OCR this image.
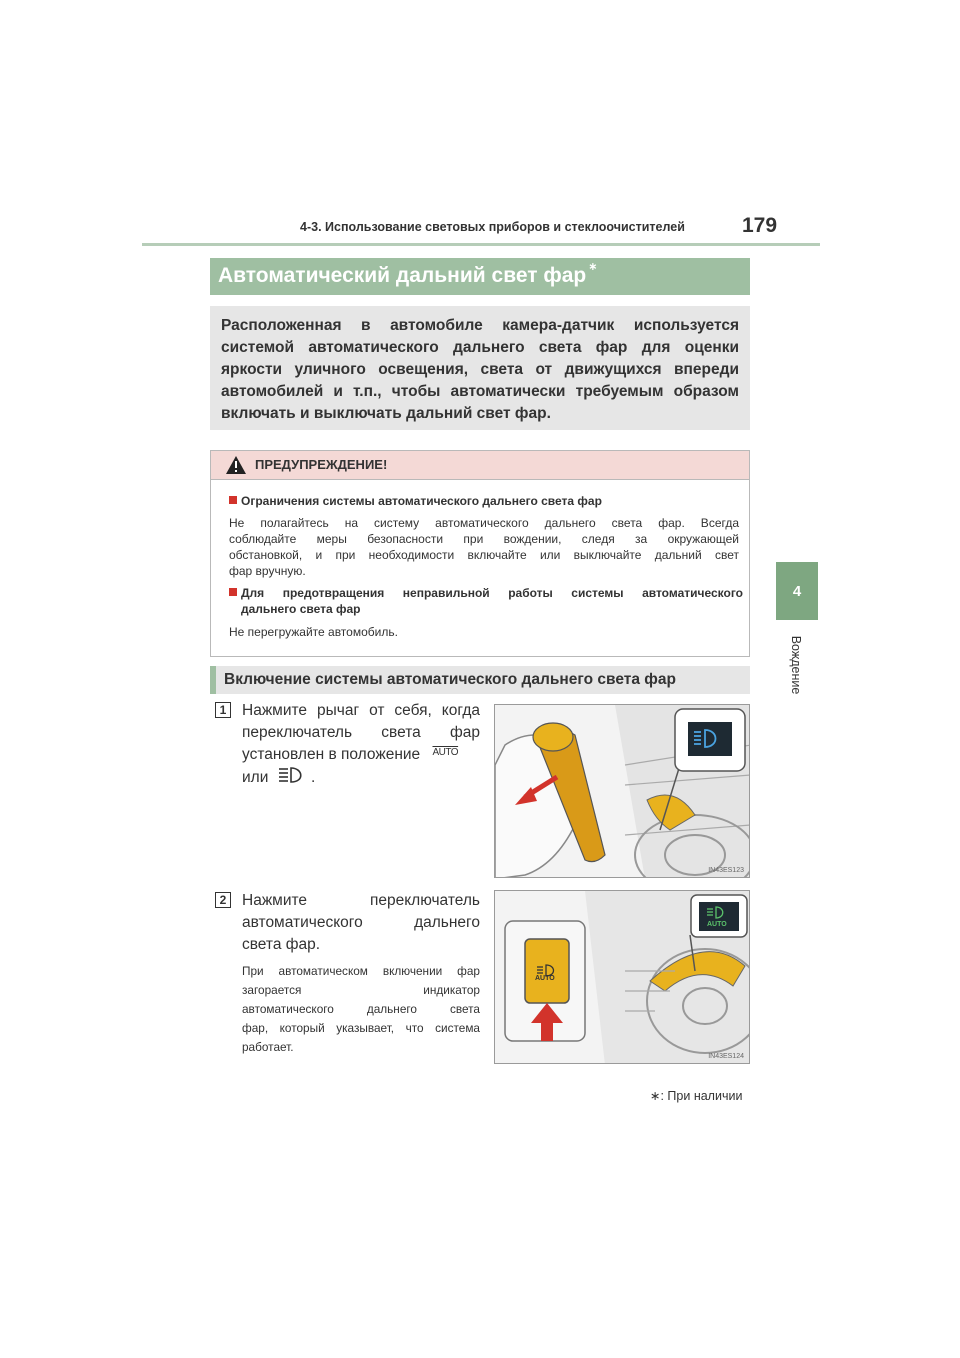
4-3. Использование световых приборов и стеклоочистителей	179
4
Вождение
Автоматический дальний свет фар ∗
Расположенная в автомобиле камера-датчик используется системой автоматического дальнего света фар для оценки яркости уличного освещения, света от движущихся впереди автомобилей и т.п., чтобы автоматически требуемым образом включать и выключать дальний свет фар.
ПРЕДУПРЕЖДЕНИЕ!
Ограничения системы автоматического дальнего света фар
Не полагайтесь на систему автоматического дальнего света фар. Всегда
соблюдайте меры безопасности при вождении, следя за окружающей
обстановкой, и при необходимости включайте или выключайте дальний свет
фар вручную.
Для предотвращения неправильной работы системы автоматического
дальнего света фар
Не перегружайте автомобиль.
Включение системы автоматического дальнего света фар
1	Нажмите рычаг от себя, когда
переключатель света фар
установлен в положение $^{AUTO}$
или	.
IN43ES123
2	Нажмите переключатель
автоматического дальнего
света фар.
При автоматическом включении фар
загорается индикатор
автоматического дальнего света
фар, который указывает, что система
работает.
AUTO
AUTO
IN43ES124
∗: При наличии
